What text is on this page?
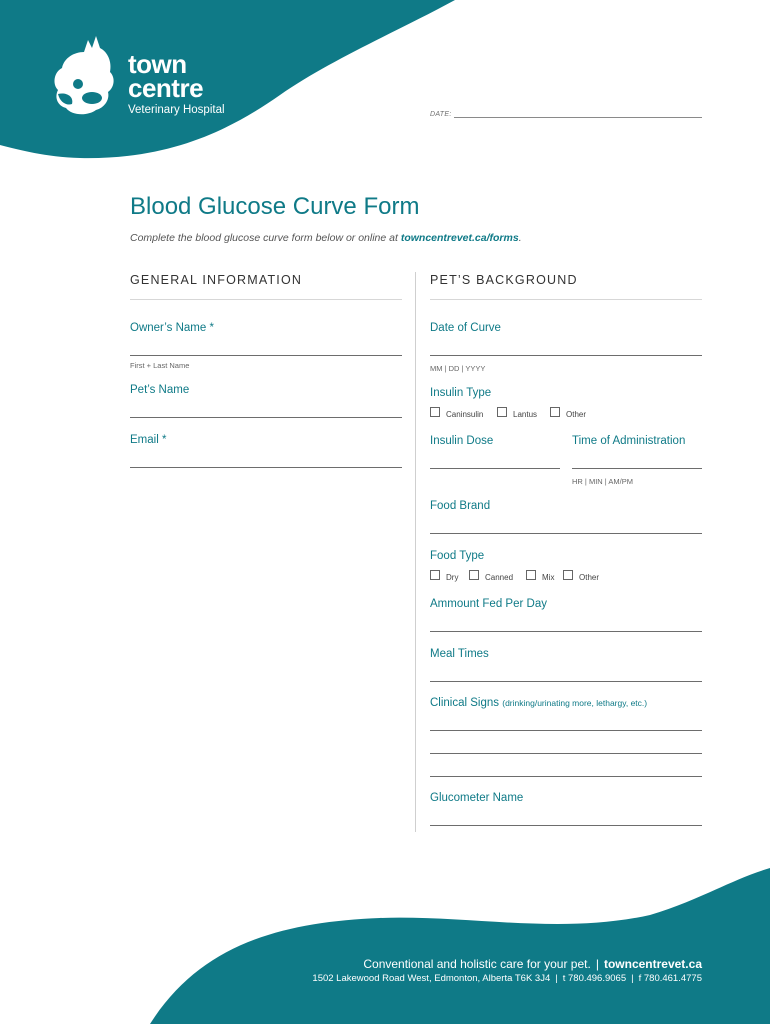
town
centre
Veterinary Hospital	DATE:
Blood Glucose Curve Form
Complete the blood glucose curve form below or online at towncentrevet.ca/forms.
GENERAL INFORMATION
Owner’s Name *
First + Last Name
Pet’s Name
Email *
PET’S BACKGROUND
Date of Curve
MM | DD | YYYY
Insulin Type
Caninsulin	Lantus	Other
Insulin Dose	Time of Administration
HR | MIN | AM/PM
Food Brand
Food Type
Dry	Canned	Mix	Other
Ammount Fed Per Day
Meal Times
Clinical Signs (drinking/urinating more, lethargy, etc.)
Glucometer Name
Conventional and holistic care for your pet. | towncentrevet.ca
1502 Lakewood Road West, Edmonton, Alberta T6K 3J4 | t 780.496.9065 | f 780.461.4775
